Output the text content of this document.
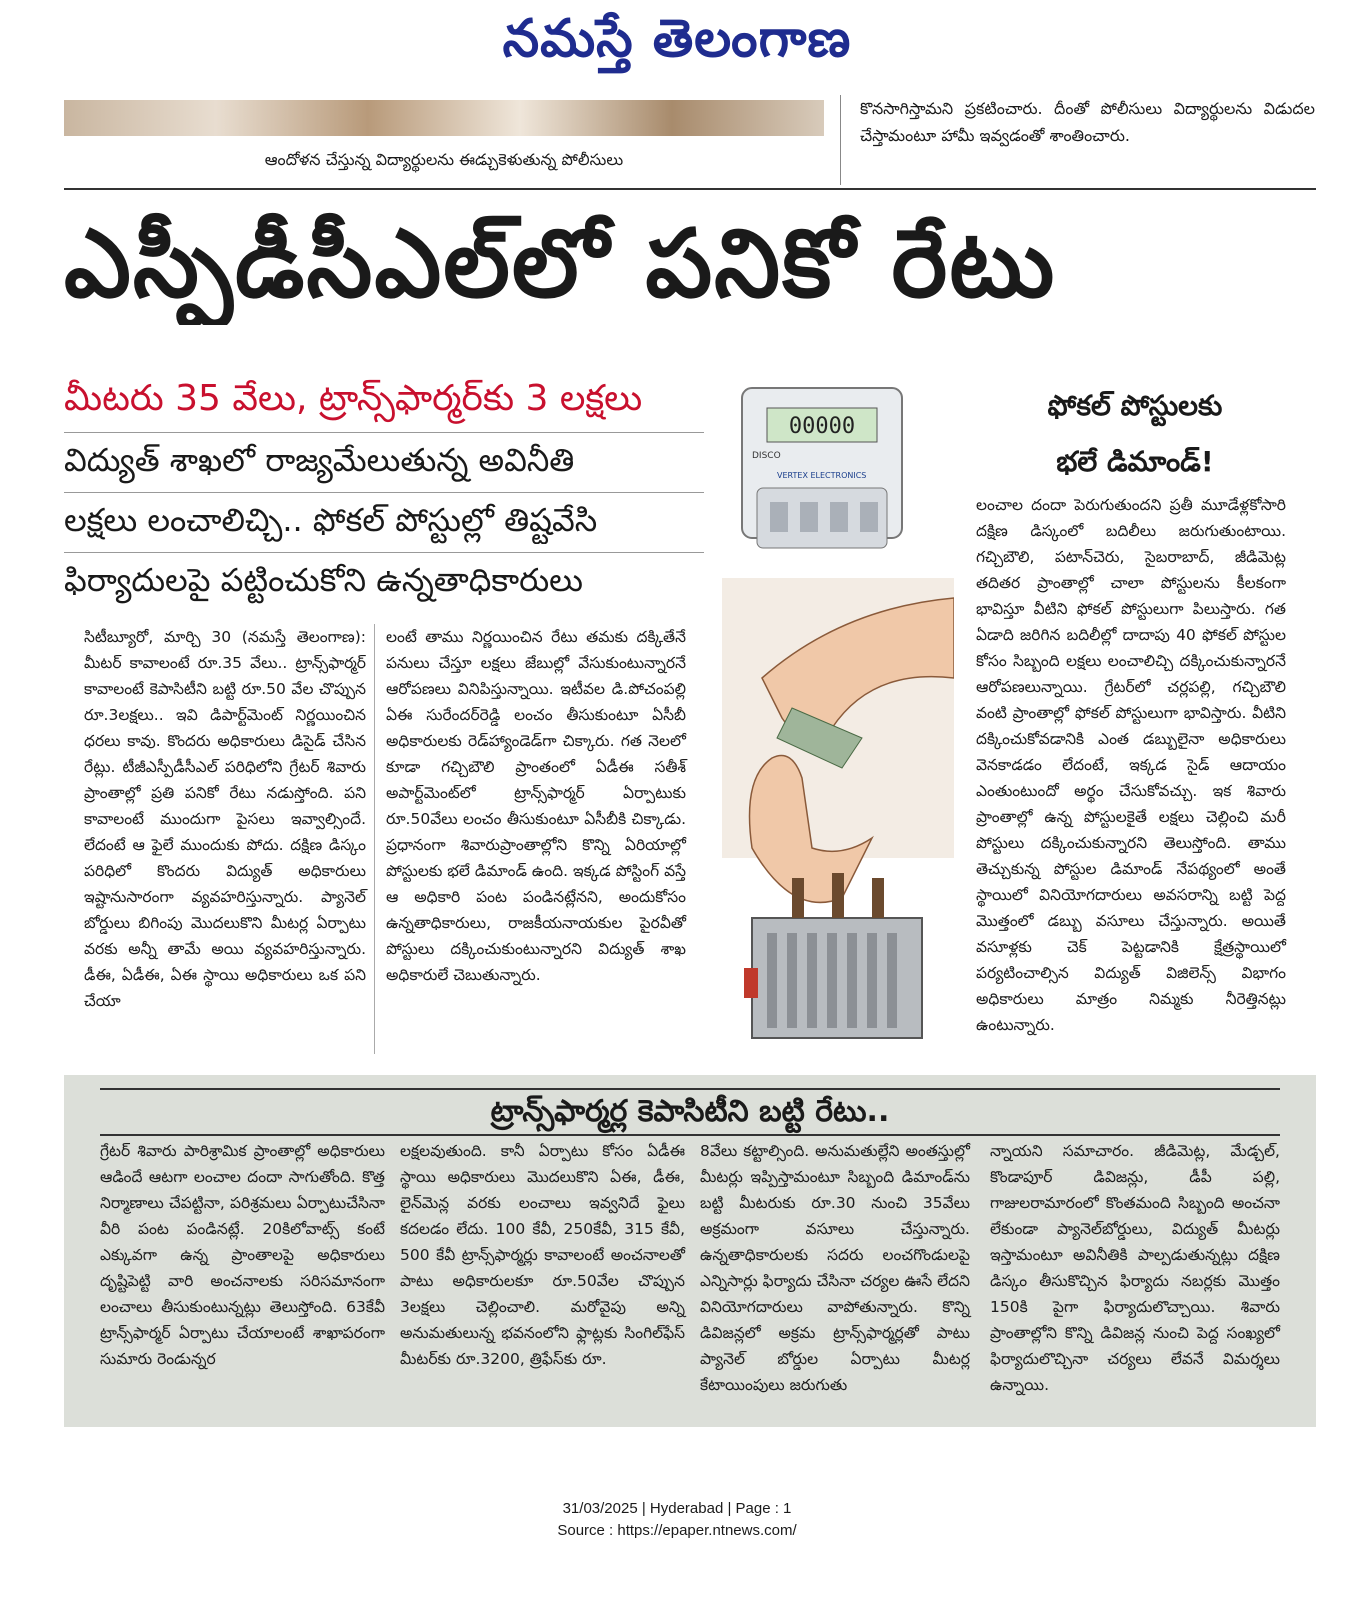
నమస్తే తెలంగాణ
ఆందోళన చేస్తున్న విద్యార్థులను ఈడ్చుకెళుతున్న పోలీసులు
కొనసాగిస్తామని ప్రకటించారు. దీంతో పోలీసులు విద్యార్థులను విడుదల చేస్తామంటూ హామీ ఇవ్వడంతో శాంతించారు.
ఎస్పీడీసీఎల్‌లో పనికో రేటు
మీటరు 35 వేలు, ట్రాన్స్‌ఫార్మర్‌కు 3 లక్షలు
విద్యుత్‌ శాఖలో రాజ్యమేలుతున్న అవినీతి
లక్షలు లంచాలిచ్చి.. ఫోకల్‌ పోస్టుల్లో తిష్టవేసి
ఫిర్యాదులపై పట్టించుకోని ఉన్నతాధికారులు
సిటీబ్యూరో, మార్చి 30 (నమస్తే తెలంగాణ): మీటర్‌ కావాలంటే రూ.35 వేలు.. ట్రాన్స్‌ఫార్మర్‌ కావాలంటే కెపాసిటీని బట్టి రూ.50 వేల చొప్పున రూ.3లక్షలు.. ఇవి డిపార్ట్‌మెంట్‌ నిర్ణయించిన ధరలు కావు. కొందరు అధికారులు డిసైడ్‌ చేసిన రేట్లు. టీజీఎస్పీడీసీఎల్‌ పరిధిలోని గ్రేటర్‌ శివారు ప్రాంతాల్లో ప్రతి పనికో రేటు నడుస్తోంది. పని కావాలంటే ముందుగా పైసలు ఇవ్వాల్సిందే. లేదంటే ఆ ఫైలే ముందుకు పోదు. దక్షిణ డిస్కం పరిధిలో కొందరు విద్యుత్‌ అధికారులు ఇష్టానుసారంగా వ్యవహరిస్తున్నారు. ప్యానెల్‌ బోర్డులు బిగింపు మొదలుకొని మీటర్ల ఏర్పాటు వరకు అన్నీ తామే అయి వ్యవహరిస్తున్నారు. డీఈ, ఏడీఈ, ఏఈ స్థాయి అధికారులు ఒక పని చేయా
లంటే తాము నిర్ణయించిన రేటు తమకు దక్కితేనే పనులు చేస్తూ లక్షలు జేబుల్లో వేసుకుంటున్నారనే ఆరోపణలు వినిపిస్తున్నాయి. ఇటీవల డి.పోచంపల్లి ఏఈ సురేందర్‌రెడ్డి లంచం తీసుకుంటూ ఏసీబీ అధికారులకు రెడ్‌హ్యాండెడ్‌గా చిక్కారు. గత నెలలో కూడా గచ్చిబౌలి ప్రాంతంలో ఏడీఈ సతీశ్‌ అపార్ట్‌మెంట్‌లో ట్రాన్స్‌ఫార్మర్‌ ఏర్పాటుకు రూ.50వేలు లంచం తీసుకుంటూ ఏసీబీకి చిక్కాడు. ప్రధానంగా శివారుప్రాంతాల్లోని కొన్ని ఏరియాల్లో పోస్టులకు భలే డిమాండ్‌ ఉంది. ఇక్కడ పోస్టింగ్‌ వస్తే ఆ అధికారి పంట పండినట్లేనని, అందుకోసం ఉన్నతాధికారులు, రాజకీయనాయకుల పైరవీతో పోస్టులు దక్కించుకుంటున్నారని విద్యుత్‌ శాఖ అధికారులే చెబుతున్నారు.
00000
DISCO
VERTEX ELECTRONICS
ఫోకల్‌ పోస్టులకు
భలే డిమాండ్‌!
లంచాల దందా పెరుగుతుందని ప్రతీ మూడేళ్లకోసారి దక్షిణ డిస్కంలో బదిలీలు జరుగుతుంటాయి. గచ్చిబౌలి, పటాన్‌చెరు, సైబరాబాద్‌, జీడిమెట్ల తదితర ప్రాంతాల్లో చాలా పోస్టులను కీలకంగా భావిస్తూ వీటిని ఫోకల్‌ పోస్టులుగా పిలుస్తారు. గత ఏడాది జరిగిన బదిలీల్లో దాదాపు 40 ఫోకల్‌ పోస్టుల కోసం సిబ్బంది లక్షలు లంచాలిచ్చి దక్కించుకున్నారనే ఆరోపణలున్నాయి. గ్రేటర్‌లో చర్లపల్లి, గచ్చిబౌలి వంటి ప్రాంతాల్లో ఫోకల్‌ పోస్టులుగా భావిస్తారు. వీటిని దక్కించుకోవడానికి ఎంత డబ్బులైనా అధికారులు వెనకాడడం లేదంటే, ఇక్కడ సైడ్‌ ఆదాయం ఎంతుంటుందో అర్థం చేసుకోవచ్చు. ఇక శివారు ప్రాంతాల్లో ఉన్న పోస్టులకైతే లక్షలు చెల్లించి మరీ పోస్టులు దక్కించుకున్నారని తెలుస్తోంది. తాము తెచ్చుకున్న పోస్టుల డిమాండ్‌ నేపథ్యంలో అంతే స్థాయిలో వినియోగదారులు అవసరాన్ని బట్టి పెద్ద మొత్తంలో డబ్బు వసూలు చేస్తున్నారు. అయితే వసూళ్లకు చెక్‌ పెట్టడానికి క్షేత్రస్థాయిలో పర్యటించాల్సిన విద్యుత్‌ విజిలెన్స్‌ విభాగం అధికారులు మాత్రం నిమ్మకు నీరెత్తినట్లు ఉంటున్నారు.
ట్రాన్స్‌ఫార్మర్ల కెపాసిటీని బట్టి రేటు..
గ్రేటర్‌ శివారు పారిశ్రామిక ప్రాంతాల్లో అధికారులు ఆడిందే ఆటగా లంచాల దందా సాగుతోంది. కొత్త నిర్మాణాలు చేపట్టినా, పరిశ్రమలు ఏర్పాటుచేసినా వీరి పంట పండినట్లే. 20కిలోవాట్స్‌ కంటే ఎక్కువగా ఉన్న ప్రాంతాలపై అధికారులు దృష్టిపెట్టి వారి అంచనాలకు సరిసమానంగా లంచాలు తీసుకుంటున్నట్లు తెలుస్తోంది. 63కేవీ ట్రాన్స్‌ఫార్మర్‌ ఏర్పాటు చేయాలంటే శాఖాపరంగా సుమారు రెండున్నర
లక్షలవుతుంది. కానీ ఏర్పాటు కోసం ఏడీఈ స్థాయి అధికారులు మొదలుకొని ఏఈ, డీఈ, లైన్‌మెన్ల వరకు లంచాలు ఇవ్వనిదే ఫైలు కదలడం లేదు. 100 కేవీ, 250కేవీ, 315 కేవీ, 500 కేవీ ట్రాన్స్‌ఫార్మర్లు కావాలంటే అంచనాలతో పాటు అధికారులకూ రూ.50వేల చొప్పున 3లక్షలు చెల్లించాలి. మరోవైపు అన్ని అనుమతులున్న భవనంలోని ఫ్లాట్లకు సింగిల్‌ఫేస్‌ మీటర్‌కు రూ.3200, త్రిఫేస్‌కు రూ.
8వేలు కట్టాల్సింది. అనుమతుల్లేని అంతస్తుల్లో మీటర్లు ఇప్పిస్తామంటూ సిబ్బంది డిమాండ్‌ను బట్టి మీటరుకు రూ.30 నుంచి 35వేలు అక్రమంగా వసూలు చేస్తున్నారు. ఉన్నతాధికారులకు సదరు లంచగొండులపై ఎన్నిసార్లు ఫిర్యాదు చేసినా చర్యల ఊసే లేదని వినియోగదారులు వాపోతున్నారు. కొన్ని డివిజన్లలో అక్రమ ట్రాన్స్‌ఫార్మర్లతో పాటు ప్యానెల్‌ బోర్డుల ఏర్పాటు మీటర్ల కేటాయింపులు జరుగుతు
న్నాయని సమాచారం. జీడిమెట్ల, మేడ్చల్‌, కొండాపూర్‌ డివిజన్లు, డీపీ పల్లి, గాజులరామారంలో కొంతమంది సిబ్బంది అంచనా లేకుండా ప్యానెల్‌బోర్డులు, విద్యుత్‌ మీటర్లు ఇస్తామంటూ అవినీతికి పాల్పడుతున్నట్లు దక్షిణ డిస్కం తీసుకొచ్చిన ఫిర్యాదు నబర్లకు మొత్తం 150కి పైగా ఫిర్యాదులొచ్చాయి. శివారు ప్రాంతాల్లోని కొన్ని డివిజన్ల నుంచి పెద్ద సంఖ్యలో ఫిర్యాదులొచ్చినా చర్యలు లేవనే విమర్శలు ఉన్నాయి.
31/03/2025 | Hyderabad | Page : 1
Source : https://epaper.ntnews.com/
